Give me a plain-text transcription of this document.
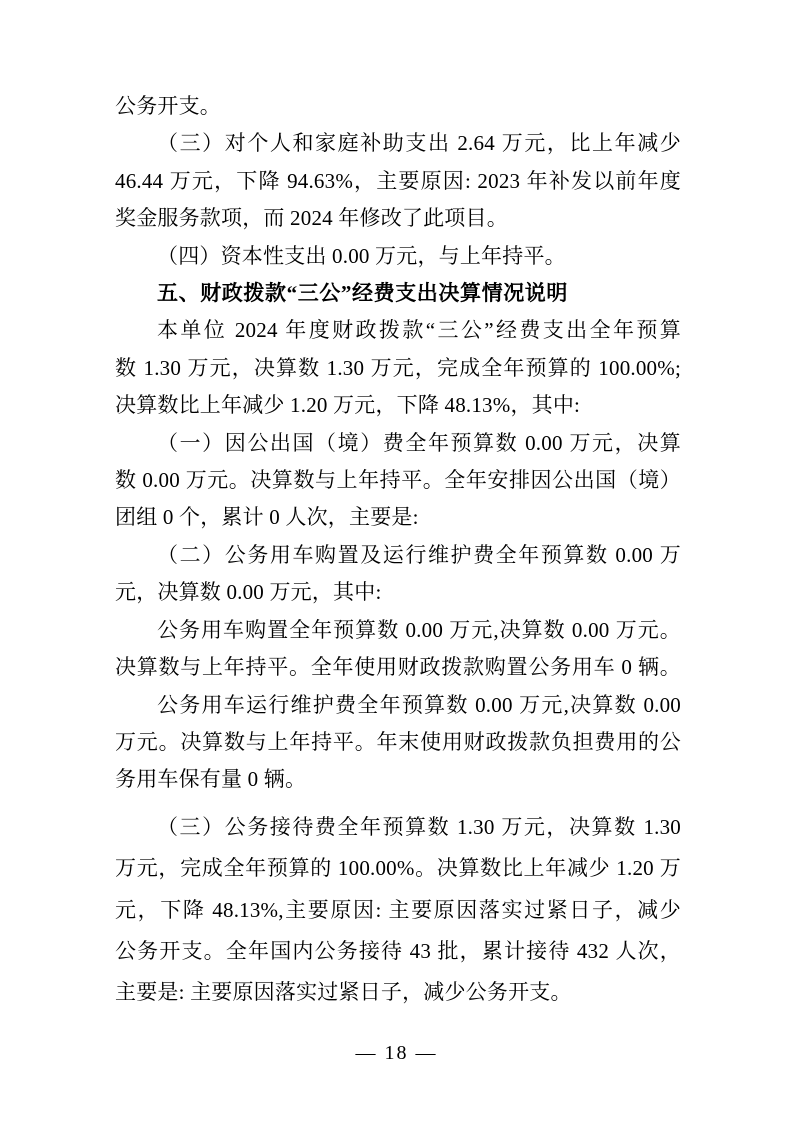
公务开支。

（三）对个人和家庭补助支出 2.64 万元，比上年减少

46.44 万元，下降 94.63%，主要原因: 2023 年补发以前年度

奖金服务款项，而 2024 年修改了此项目。

（四）资本性支出 0.00 万元，与上年持平。

五、财政拨款“三公”经费支出决算情况说明

本单位 2024 年度财政拨款“三公”经费支出全年预算

数 1.30 万元，决算数 1.30 万元，完成全年预算的 100.00%;

决算数比上年减少 1.20 万元，下降 48.13%，其中:

（一）因公出国（境）费全年预算数 0.00 万元，决算

数 0.00 万元。决算数与上年持平。全年安排因公出国（境）

团组 0 个，累计 0 人次，主要是:

（二）公务用车购置及运行维护费全年预算数 0.00 万

元，决算数 0.00 万元，其中:

公务用车购置全年预算数 0.00 万元,决算数 0.00 万元。

决算数与上年持平。全年使用财政拨款购置公务用车 0 辆。

公务用车运行维护费全年预算数 0.00 万元,决算数 0.00

万元。决算数与上年持平。年末使用财政拨款负担费用的公

务用车保有量 0 辆。

（三）公务接待费全年预算数 1.30 万元，决算数 1.30

万元，完成全年预算的 100.00%。决算数比上年减少 1.20 万

元，下降 48.13%,主要原因: 主要原因落实过紧日子，减少

公务开支。全年国内公务接待 43 批，累计接待 432 人次，

主要是: 主要原因落实过紧日子，减少公务开支。

— 18 —
